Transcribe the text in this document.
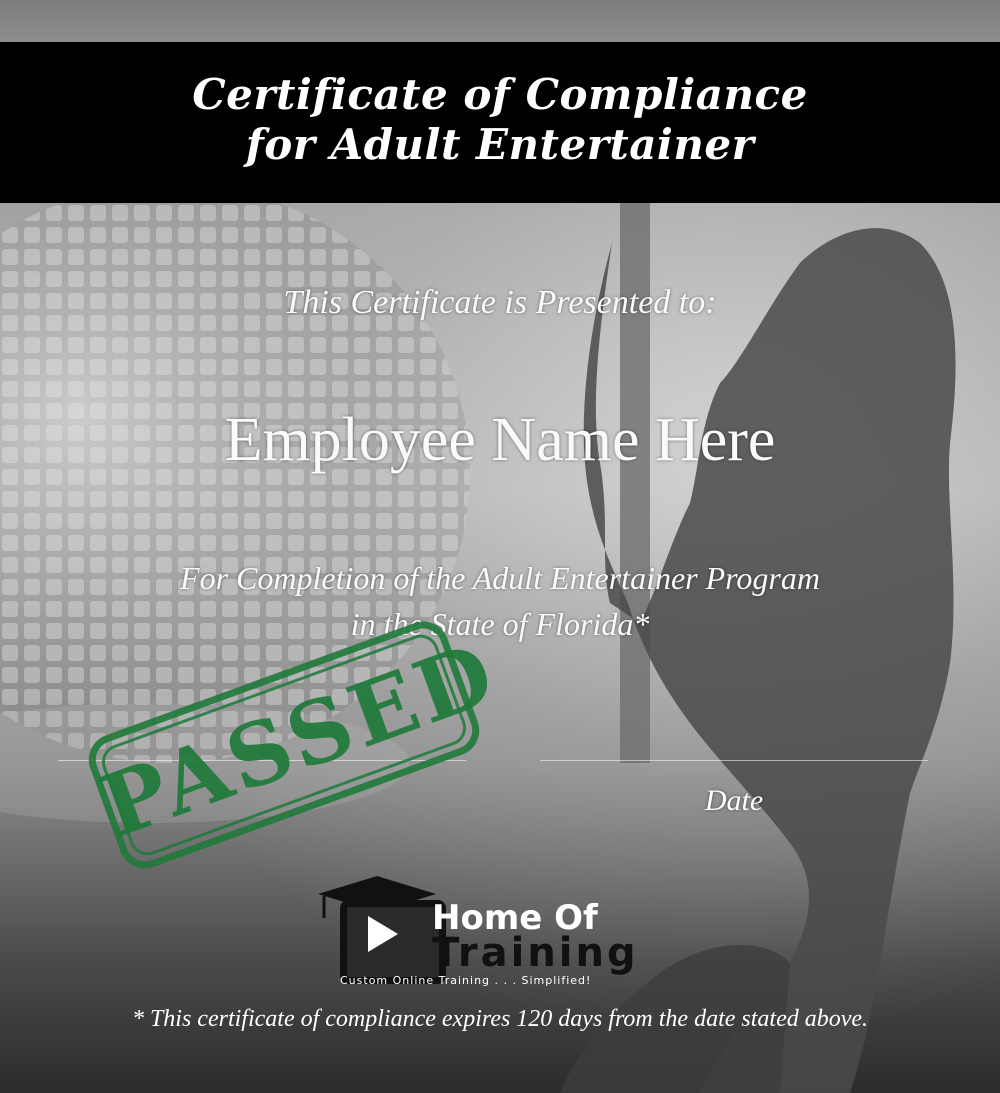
Certificate of Compliance
for Adult Entertainer
This Certificate is Presented to:
Employee Name Here
For Completion of the Adult Entertainer Program
in the State of Florida*
Date
PASSED
Home Of
Training
Custom Online Training . . . Simplified!
* This certificate of compliance expires 120 days from the date stated above.
